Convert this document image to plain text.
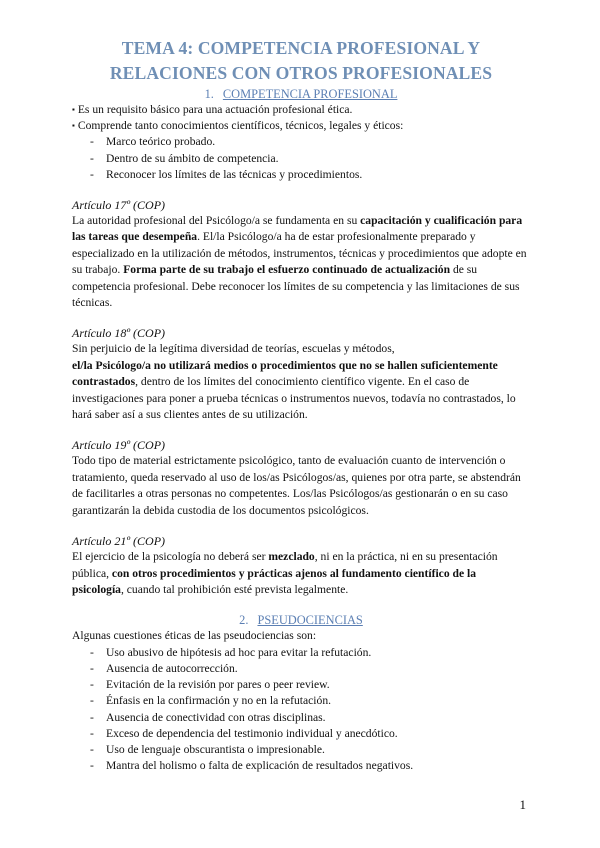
TEMA 4: COMPETENCIA PROFESIONAL Y
RELACIONES CON OTROS PROFESIONALES
1. COMPETENCIA PROFESIONAL
▪ Es un requisito básico para una actuación profesional ética.
▪ Comprende tanto conocimientos científicos, técnicos, legales y éticos:
- Marco teórico probado.
- Dentro de su ámbito de competencia.
- Reconocer los límites de las técnicas y procedimientos.

Artículo 17º (COP)

La autoridad profesional del Psicólogo/a se fundamenta en su capacitación y cualificación para las tareas que desempeña. El/la Psicólogo/a ha de estar profesionalmente preparado y especializado en la utilización de métodos, instrumentos, técnicas y procedimientos que adopte en su trabajo. Forma parte de su trabajo el esfuerzo continuado de actualización de su competencia profesional. Debe reconocer los límites de su competencia y las limitaciones de sus técnicas.

Artículo 18º (COP)

Sin perjuicio de la legítima diversidad de teorías, escuelas y métodos,
el/la Psicólogo/a no utilizará medios o procedimientos que no se hallen suficientemente contrastados, dentro de los límites del conocimiento científico vigente. En el caso de investigaciones para poner a prueba técnicas o instrumentos nuevos, todavía no contrastados, lo hará saber así a sus clientes antes de su utilización.

Artículo 19º (COP)

Todo tipo de material estrictamente psicológico, tanto de evaluación cuanto de intervención o tratamiento, queda reservado al uso de los/as Psicólogos/as, quienes por otra parte, se abstendrán de facilitarles a otras personas no competentes. Los/las Psicólogos/as gestionarán o en su caso garantizarán la debida custodia de los documentos psicológicos.

Artículo 21º (COP)

El ejercicio de la psicología no deberá ser mezclado, ni en la práctica, ni en su presentación pública, con otros procedimientos y prácticas ajenos al fundamento científico de la psicología, cuando tal prohibición esté prevista legalmente.

2. PSEUDOCIENCIAS

Algunas cuestiones éticas de las pseudociencias son:

- Uso abusivo de hipótesis ad hoc para evitar la refutación.
- Ausencia de autocorrección.
- Evitación de la revisión por pares o peer review.
- Énfasis en la confirmación y no en la refutación.
- Ausencia de conectividad con otras disciplinas.
- Exceso de dependencia del testimonio individual y anecdótico.
- Uso de lenguaje obscurantista o impresionable.
- Mantra del holismo o falta de explicación de resultados negativos.
1
